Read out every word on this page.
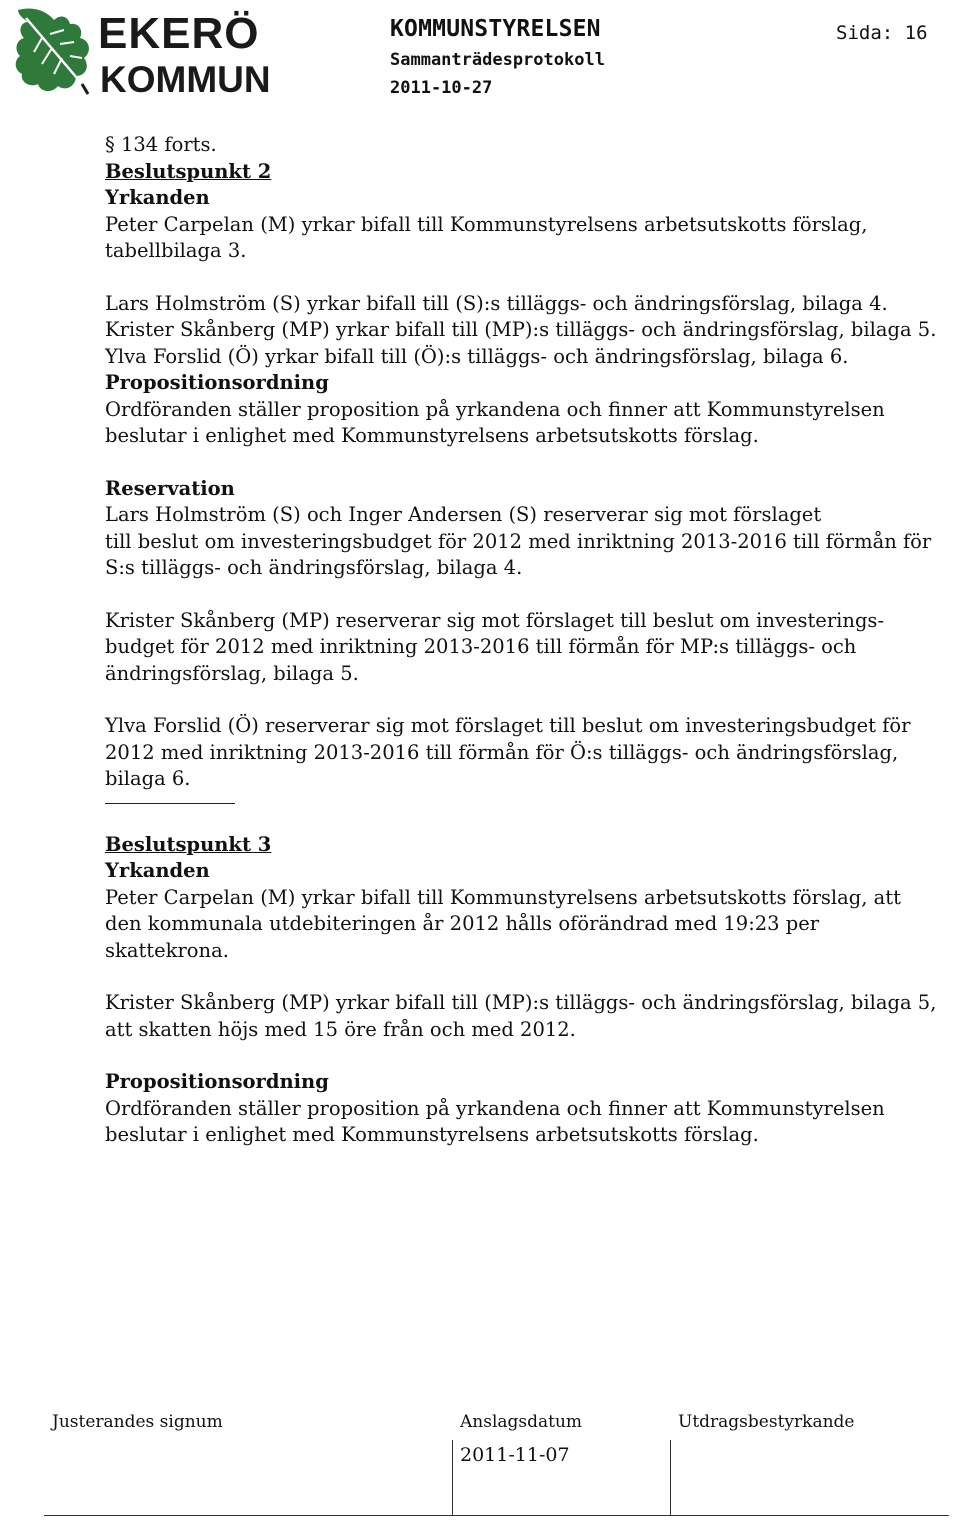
EKERÖ
KOMMUN
KOMMUNSTYRELSEN
Sammanträdesprotokoll
2011-10-27
Sida: 16

§ 134 forts.

Beslutspunkt 2

Yrkanden

Peter Carpelan (M) yrkar bifall till Kommunstyrelsens arbetsutskotts förslag,

tabellbilaga 3.

Lars Holmström (S) yrkar bifall till (S):s tilläggs- och ändringsförslag, bilaga 4.

Krister Skånberg (MP) yrkar bifall till (MP):s tilläggs- och ändringsförslag, bilaga 5.

Ylva Forslid (Ö) yrkar bifall till (Ö):s tilläggs- och ändringsförslag, bilaga 6.

Propositionsordning

Ordföranden ställer proposition på yrkandena och finner att Kommunstyrelsen

beslutar i enlighet med Kommunstyrelsens arbetsutskotts förslag.

Reservation

Lars Holmström (S) och Inger Andersen (S) reserverar sig mot förslaget

till beslut om investeringsbudget för 2012 med inriktning 2013-2016 till förmån för

S:s tilläggs- och ändringsförslag, bilaga 4.

Krister Skånberg (MP) reserverar sig mot förslaget till beslut om investerings-

budget för 2012 med inriktning 2013-2016 till förmån för MP:s tilläggs- och

ändringsförslag, bilaga 5.

Ylva Forslid (Ö) reserverar sig mot förslaget till beslut om investeringsbudget för

2012 med inriktning 2013-2016 till förmån för Ö:s tilläggs- och ändringsförslag,

bilaga 6.

Beslutspunkt 3

Yrkanden

Peter Carpelan (M) yrkar bifall till Kommunstyrelsens arbetsutskotts förslag, att

den kommunala utdebiteringen år 2012 hålls oförändrad med 19:23 per

skattekrona.

Krister Skånberg (MP) yrkar bifall till (MP):s tilläggs- och ändringsförslag, bilaga 5,

att skatten höjs med 15 öre från och med 2012.

Propositionsordning

Ordföranden ställer proposition på yrkandena och finner att Kommunstyrelsen

beslutar i enlighet med Kommunstyrelsens arbetsutskotts förslag.

Justerandes signum	Anslagsdatum	Utdragsbestyrkande
2011-11-07
